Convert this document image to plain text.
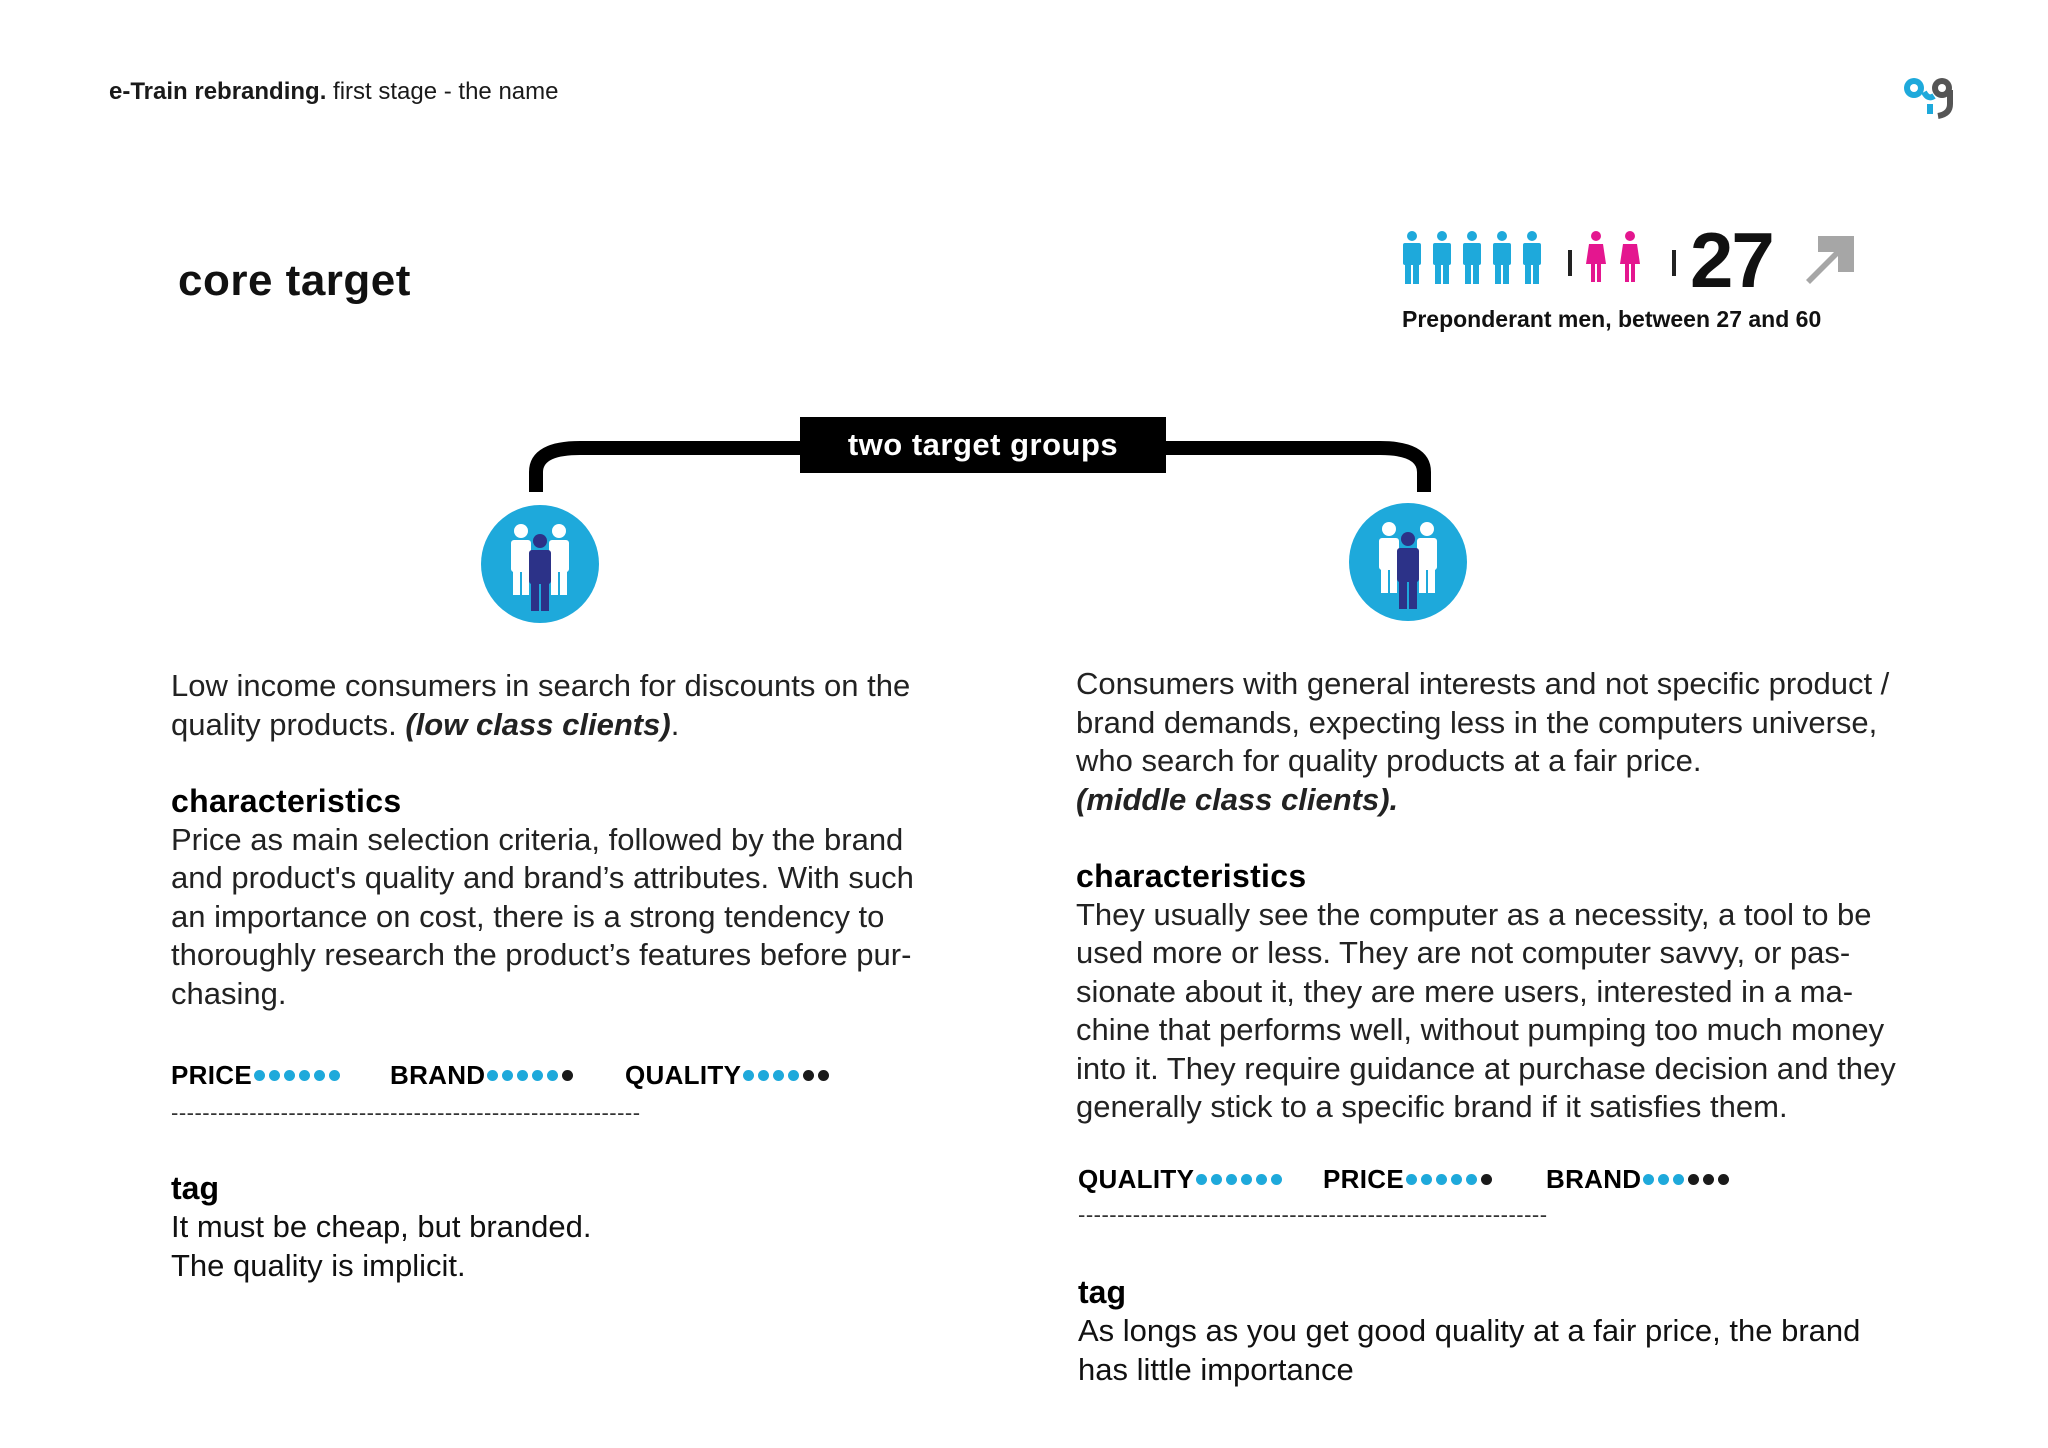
e-Train rebranding. first stage - the name
core target	27
Preponderant men, between 27 and 60
two target groups

Low income consumers in search for discounts on the quality products. (low class clients).

characteristics

Price as main selection criteria, followed by the brand and product's quality and brand’s attributes. With such an importance on cost, there is a strong tendency to thoroughly research the product’s features before pur-chasing.

PRICE	BRAND	QUALITY
------------------------------------------------------------
tag
It must be cheap, but branded.
The quality is implicit.

Consumers with general interests and not specific product / brand demands, expecting less in the computers universe, who search for quality products at a fair price.

(middle class clients).

characteristics

They usually see the computer as a necessity, a tool to be used more or less. They are not computer savvy, or pas-sionate about it, they are mere users, interested in a ma-chine that performs well, without pumping too much money into it. They require guidance at purchase decision and they generally stick to a specific brand if it satisfies them.

QUALITY	PRICE	BRAND
------------------------------------------------------------
tag
As longs as you get good quality at a fair price, the brand has little importance
